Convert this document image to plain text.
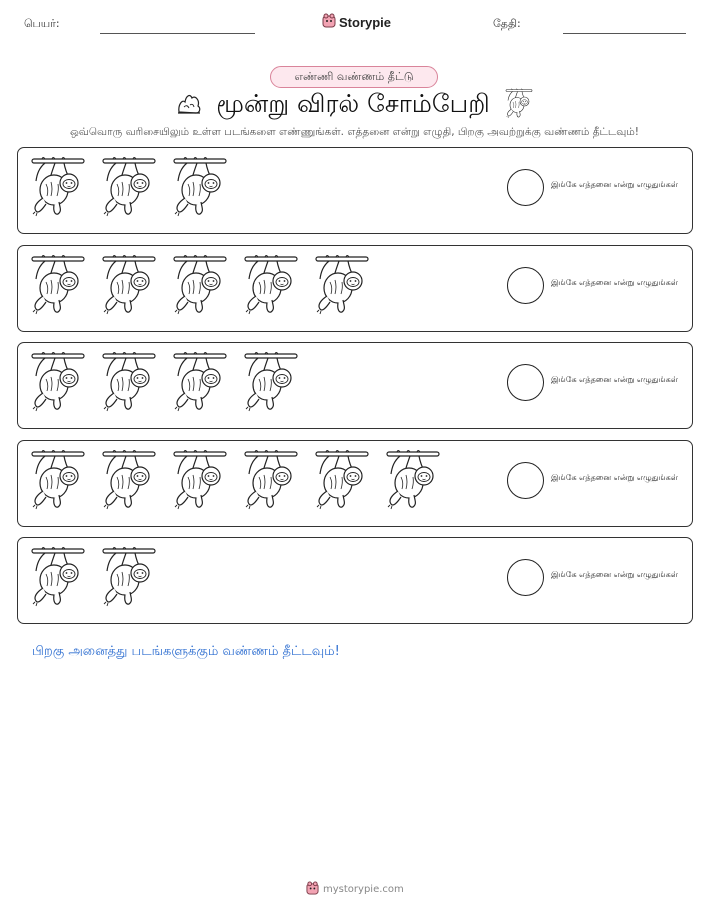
பெயர்:	Storypie	தேதி:
எண்ணி வண்ணம் தீட்டு
மூன்று விரல் சோம்பேறி
ஒவ்வொரு வரிசையிலும் உள்ள படங்களை எண்ணுங்கள். எத்தனை என்று எழுதி, பிறகு அவற்றுக்கு வண்ணம் தீட்டவும்!
இங்கே எத்தனை என்று எழுதுங்கள்
இங்கே எத்தனை என்று எழுதுங்கள்
இங்கே எத்தனை என்று எழுதுங்கள்
இங்கே எத்தனை என்று எழுதுங்கள்
இங்கே எத்தனை என்று எழுதுங்கள்
பிறகு அனைத்து படங்களுக்கும் வண்ணம் தீட்டவும்!
mystorypie.com
